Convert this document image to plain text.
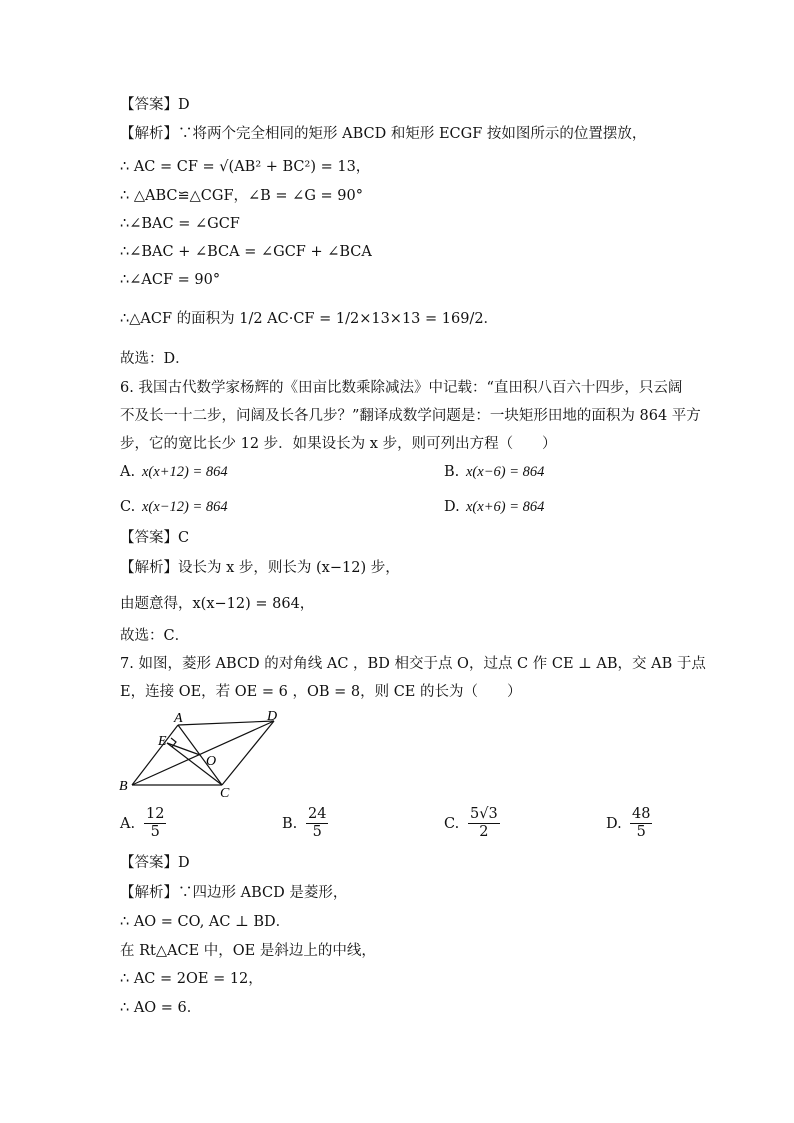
【答案】D
【解析】∵将两个完全相同的矩形 ABCD 和矩形 ECGF 按如图所示的位置摆放，
∴ AC = CF = √(AB² + BC²) = 13，
∴ △ABC≌△CGF，∠B = ∠G = 90°
∴∠BAC = ∠GCF
∴∠BAC + ∠BCA = ∠GCF + ∠BCA
∴∠ACF = 90°
∴△ACF 的面积为 1/2 AC·CF = 1/2×13×13 = 169/2．
故选：D．
6. 我国古代数学家杨辉的《田亩比数乘除减法》中记载：“直田积八百六十四步，只云阔
不及长一十二步，问阔及长各几步？”翻译成数学问题是：一块矩形田地的面积为 864 平方
步，它的宽比长少 12 步．如果设长为 x 步，则可列出方程（　　）
A. x(x+12) = 864	B. x(x−6) = 864
C. x(x−12) = 864	D. x(x+6) = 864
【答案】C
【解析】设长为 x 步，则长为 (x−12) 步，
由题意得，x(x−12) = 864，
故选：C．
7. 如图，菱形 ABCD 的对角线 AC ，BD 相交于点 O，过点 C 作 CE ⊥ AB，交 AB 于点
E，连接 OE，若 OE = 6 ，OB = 8，则 CE 的长为（　　）
A	D
E
O
B	C
A. $\frac{12}{5}$	B. $\frac{24}{5}$	C. $\frac{5√3}{2}$	D. $\frac{48}{5}$
【答案】D
【解析】∵四边形 ABCD 是菱形，
∴ AO = CO, AC ⊥ BD．
在 Rt△ACE 中，OE 是斜边上的中线，
∴ AC = 2OE = 12，
∴ AO = 6．
